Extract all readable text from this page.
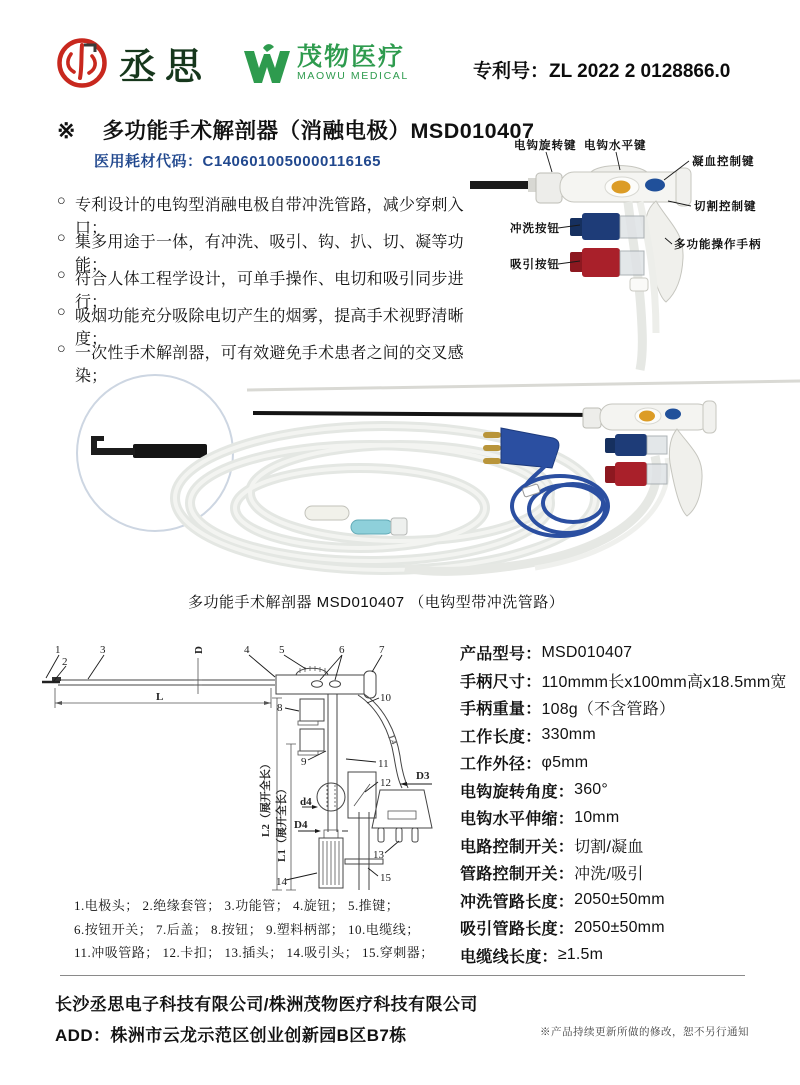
丞思	茂物医疗
MAOWU MEDICAL	专利号：ZL 2022 2 0128866.0
※ 多功能手术解剖器（消融电极）MSD010407
医用耗材代码：C1406010050000116165
○ 专利设计的电钩型消融电极自带冲洗管路，减少穿刺入口；
○ 集多用途于一体，有冲洗、吸引、钩、扒、切、凝等功能；
○ 符合人体工程学设计，可单手操作、电切和吸引同步进行；
○ 吸烟功能充分吸除电切产生的烟雾，提高手术视野清晰度；
○ 一次性手术解剖器，可有效避免手术患者之间的交叉感染；
电钩旋转键 电钩水平键
凝血控制键
切割控制键
冲洗按钮
吸引按钮
多功能操作手柄
多功能手术解剖器 MSD010407 （电钩型带冲洗管路）
1
2
3	4	5	6	7
8
9
10
11
12
13
14	15
D
L
L2（展开全长） L1（展开全长） d4
D4
D3
L4
1.电极头； 2.绝缘套管； 3.功能管； 4.旋钮； 5.推键；
6.按钮开关； 7.后盖； 8.按钮； 9.塑料柄部； 10.电缆线；
11.冲吸管路； 12.卡扣； 13.插头； 14.吸引头； 15.穿刺器；
产品型号： MSD010407
手柄尺寸： 110mmm长x100mm高x18.5mm宽
手柄重量： 108g（不含管路）
工作长度： 330mm
工作外径： φ5mm
电钩旋转角度： 360°
电钩水平伸缩： 10mm
电路控制开关： 切割/凝血
管路控制开关： 冲洗/吸引
冲洗管路长度： 2050±50mm
吸引管路长度： 2050±50mm
电缆线长度： ≥1.5m
长沙丞思电子科技有限公司/株洲茂物医疗科技有限公司
ADD：株洲市云龙示范区创业创新园B区B7栋	※产品持续更新所做的修改，恕不另行通知
